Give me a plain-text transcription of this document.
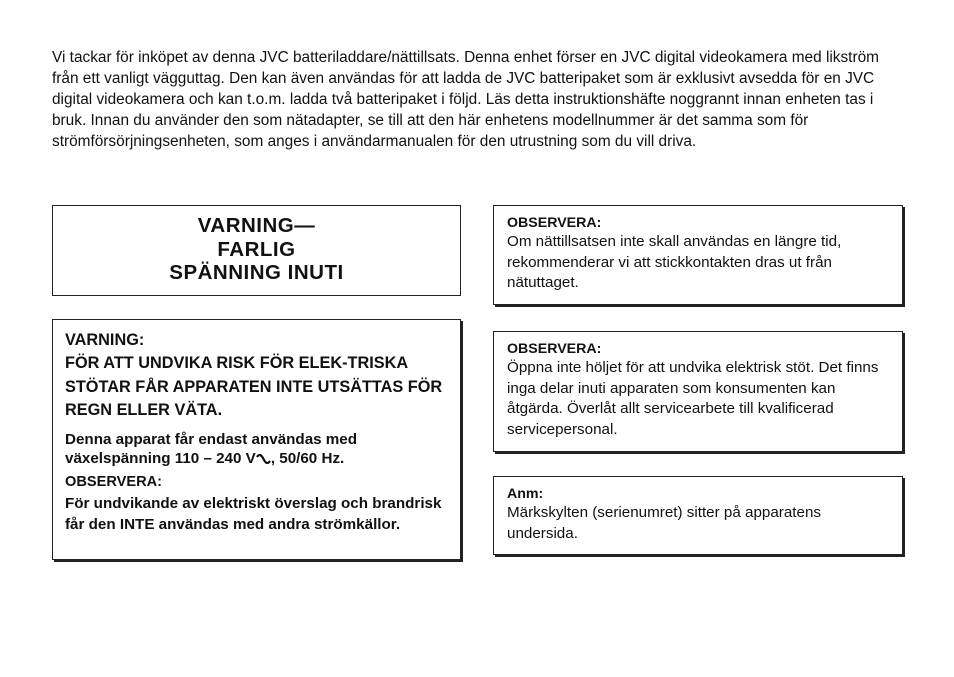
Vi tackar för inköpet av denna JVC batteriladdare/nättillsats. Denna enhet förser en JVC digital videokamera med likström från ett vanligt vägguttag. Den kan även användas för att ladda de JVC batteripaket som är exklusivt avsedda för en JVC digital videokamera och kan t.o.m. ladda två batteripaket i följd. Läs detta instruktionshäfte noggrannt innan enheten tas i bruk. Innan du använder den som nätadapter, se till att den här enhetens modellnummer är det samma som för strömförsörjningsenheten, som anges i användarmanualen för den utrustning som du vill driva.

VARNING—
FARLIG
SPÄNNING INUTI

VARNING:

FÖR ATT UNDVIKA RISK FÖR ELEK-TRISKA STÖTAR FÅR APPARATEN INTE UTSÄTTAS FÖR REGN ELLER VÄTA.

Denna apparat får endast användas med växelspänning 110 – 240 V , 50/60 Hz.

OBSERVERA:

För undvikande av elektriskt överslag och brandrisk får den INTE användas med andra strömkällor.

OBSERVERA:

Om nättillsatsen inte skall användas en längre tid, rekommenderar vi att stickkontakten dras ut från nätuttaget.

OBSERVERA:

Öppna inte höljet för att undvika elektrisk stöt. Det finns inga delar inuti apparaten som konsumenten kan åtgärda. Överlåt allt servicearbete till kvalificerad servicepersonal.

Anm:

Märkskylten (serienumret) sitter på apparatens undersida.
